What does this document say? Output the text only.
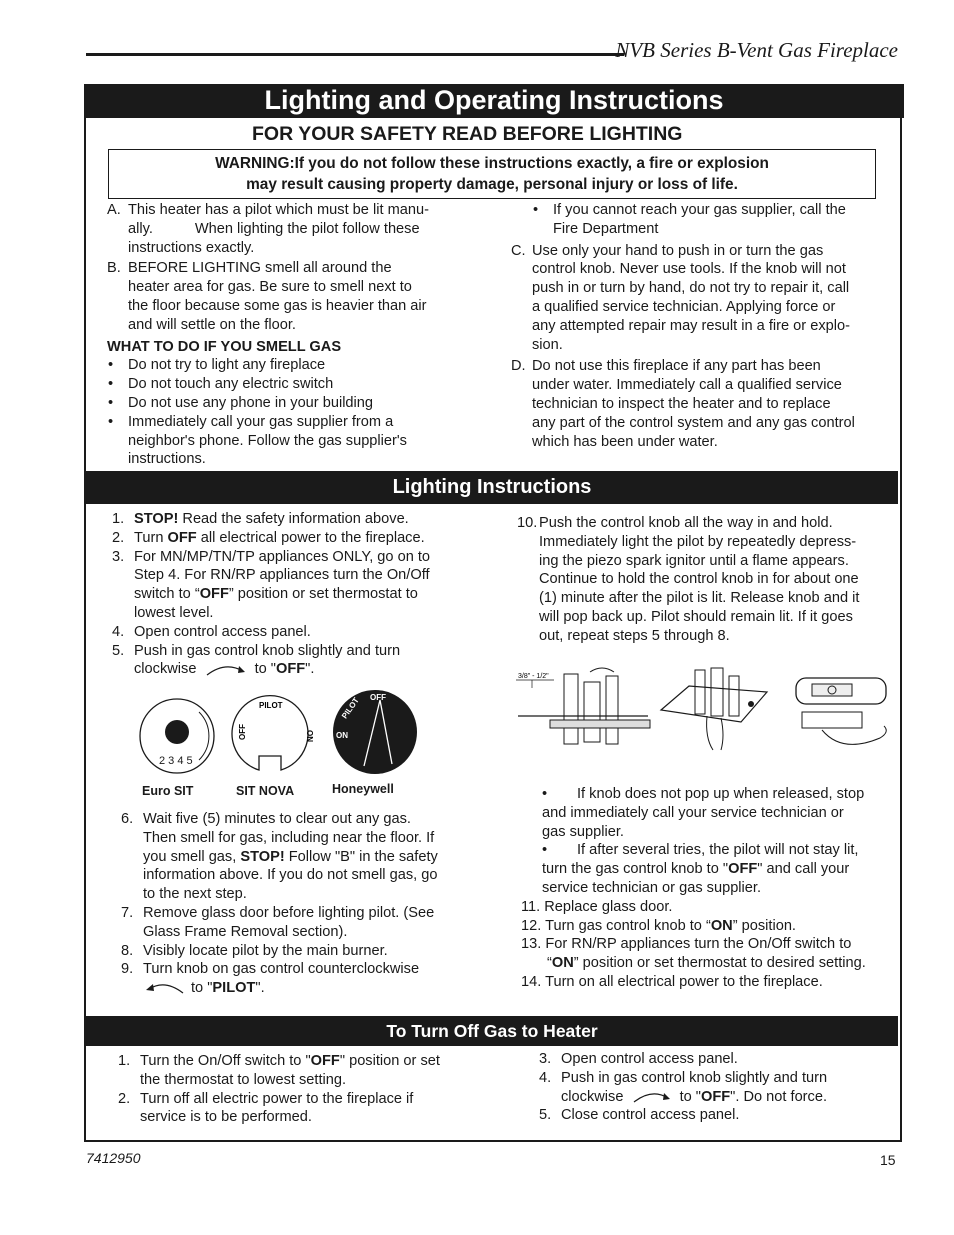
NVB Series B-Vent Gas Fireplace
Lighting and Operating Instructions
FOR YOUR SAFETY READ BEFORE LIGHTING
WARNING:If you do not follow these instructions exactly, a fire or explosion
may result causing property damage, personal injury or loss of life.
A. This heater has a pilot which must be lit manu-
ally.	When lighting the pilot follow these
instructions exactly.
B. BEFORE LIGHTING smell all around the
heater area for gas. Be sure to smell next to
the floor because some gas is heavier than air
and will settle on the floor.
WHAT TO DO IF YOU SMELL GAS
• Do not try to light any fireplace
• Do not touch any electric switch
• Do not use any phone in your building
• Immediately call your gas supplier from a
neighbor's phone. Follow the gas supplier's
instructions.
• If you cannot reach your gas supplier, call the
Fire Department
C. Use only your hand to push in or turn the gas
control knob. Never use tools. If the knob will not
push in or turn by hand, do not try to repair it, call
a qualified service technician. Applying force or
any attempted repair may result in a fire or explo-
sion.
D. Do not use this fireplace if any part has been
under water. Immediately call a qualified service
technician to inspect the heater and to replace
any part of the control system and any gas control
which has been under water.
Lighting Instructions
1. STOP! Read the safety information above.
2. Turn OFF all electrical power to the fireplace.
3. For MN/MP/TN/TP appliances ONLY, go on to
Step 4. For RN/RP appliances turn the On/Off
switch to “OFF” position or set thermostat to
lowest level.
4. Open control access panel.
5. Push in gas control knob slightly and turn
clockwise	to "OFF".
2 3 4 5
PILOT
OFF	ON
PILOT OFF
ON
Euro SIT	SIT NOVA	Honeywell
6. Wait five (5) minutes to clear out any gas.
Then smell for gas, including near the floor. If
you smell gas, STOP! Follow "B" in the safety
information above. If you do not smell gas, go
to the next step.
7. Remove glass door before lighting pilot. (See
Glass Frame Removal section).
8. Visibly locate pilot by the main burner.
9. Turn knob on gas control counterclockwise
to "PILOT".
10. Push the control knob all the way in and hold.
Immediately light the pilot by repeatedly depress-
ing the piezo spark ignitor until a flame appears.
Continue to hold the control knob in for about one
(1) minute after the pilot is lit. Release knob and it
will pop back up. Pilot should remain lit. If it goes
out, repeat steps 5 through 8.
3/8" - 1/2"
•	If knob does not pop up when released, stop
and immediately call your service technician or
gas supplier.
•	If after several tries, the pilot will not stay lit,
turn the gas control knob to "OFF" and call your
service technician or gas supplier.
11. Replace glass door.
12. Turn gas control knob to “ON” position.
13. For RN/RP appliances turn the On/Off switch to
“ON” position or set thermostat to desired setting.
14. Turn on all electrical power to the fireplace.
To Turn Off Gas to Heater
1. Turn the On/Off switch to "OFF" position or set
the thermostat to lowest setting.
2. Turn off all electric power to the fireplace if
service is to be performed.
3. Open control access panel.
4. Push in gas control knob slightly and turn
clockwise	to "OFF". Do not force.
5. Close control access panel.
7412950	15
